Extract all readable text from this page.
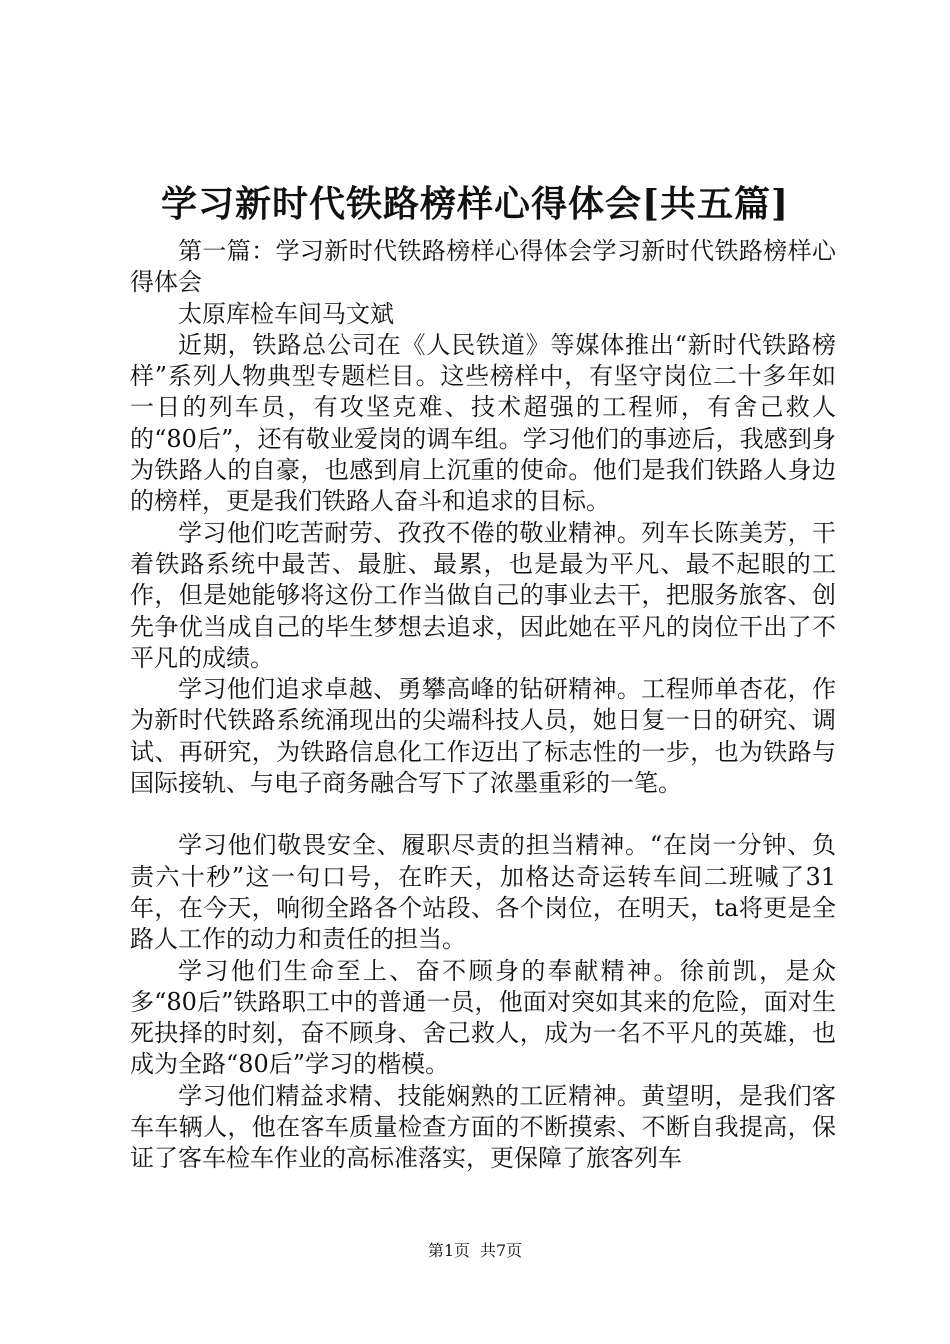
学习新时代铁路榜样心得体会[共五篇]

第一篇：学习新时代铁路榜样心得体会学习新时代铁路榜样心得体会

太原库检车间马文斌

近期，铁路总公司在《人民铁道》等媒体推出“新时代铁路榜样”系列人物典型专题栏目。这些榜样中，有坚守岗位二十多年如一日的列车员，有攻坚克难、技术超强的工程师，有舍己救人的“80后”，还有敬业爱岗的调车组。学习他们的事迹后，我感到身为铁路人的自豪，也感到肩上沉重的使命。他们是我们铁路人身边的榜样，更是我们铁路人奋斗和追求的目标。

学习他们吃苦耐劳、孜孜不倦的敬业精神。列车长陈美芳，干着铁路系统中最苦、最脏、最累，也是最为平凡、最不起眼的工作，但是她能够将这份工作当做自己的事业去干，把服务旅客、创先争优当成自己的毕生梦想去追求，因此她在平凡的岗位干出了不平凡的成绩。

学习他们追求卓越、勇攀高峰的钻研精神。工程师单杏花，作为新时代铁路系统涌现出的尖端科技人员，她日复一日的研究、调试、再研究，为铁路信息化工作迈出了标志性的一步，也为铁路与国际接轨、与电子商务融合写下了浓墨重彩的一笔。

学习他们敬畏安全、履职尽责的担当精神。“在岗一分钟、负责六十秒”这一句口号，在昨天，加格达奇运转车间二班喊了31年，在今天，响彻全路各个站段、各个岗位，在明天，ta将更是全路人工作的动力和责任的担当。

学习他们生命至上、奋不顾身的奉献精神。徐前凯，是众多“80后”铁路职工中的普通一员，他面对突如其来的危险，面对生死抉择的时刻，奋不顾身、舍己救人，成为一名不平凡的英雄，也成为全路“80后”学习的楷模。

学习他们精益求精、技能娴熟的工匠精神。黄望明，是我们客车车辆人，他在客车质量检查方面的不断摸索、不断自我提高，保证了客车检车作业的高标准落实，更保障了旅客列车

第1页 共7页
